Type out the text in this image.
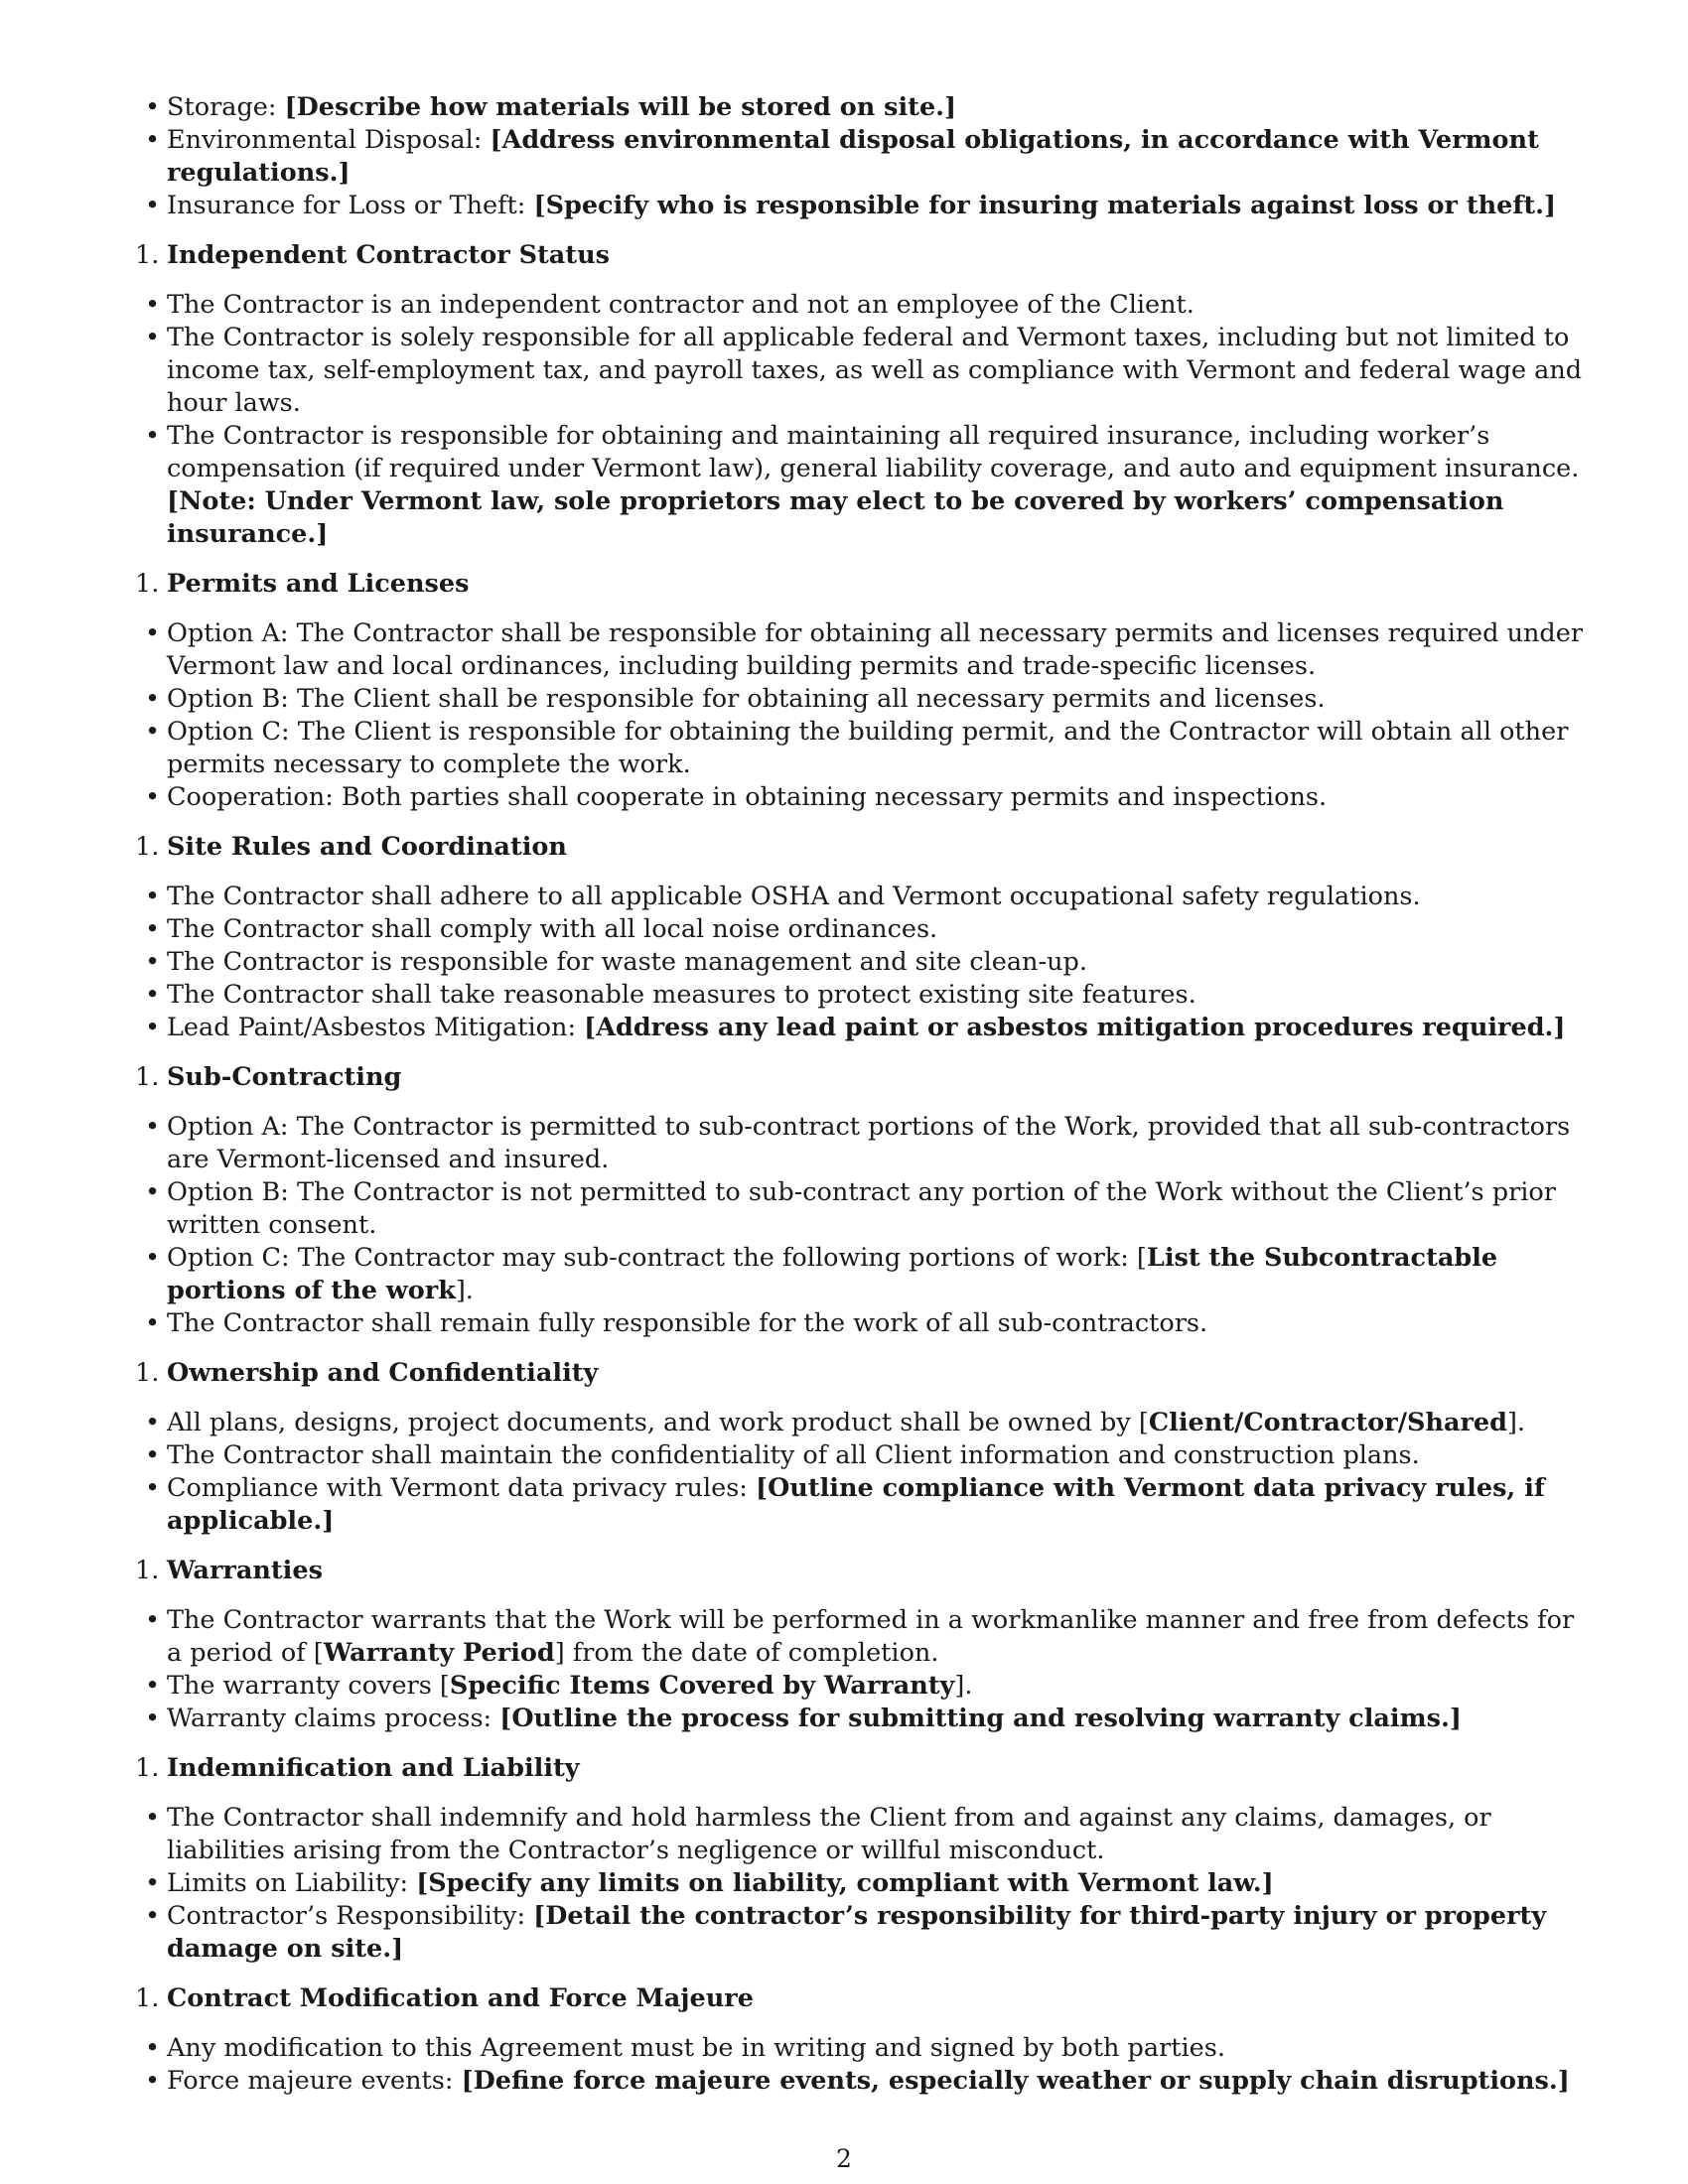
• Storage: [Describe how materials will be stored on site.]
• Environmental Disposal: [Address environmental disposal obligations, in accordance with Vermont regulations.]
• Insurance for Loss or Theft: [Specify who is responsible for insuring materials against loss or theft.]
1. Independent Contractor Status
• The Contractor is an independent contractor and not an employee of the Client.
• The Contractor is solely responsible for all applicable federal and Vermont taxes, including but not limited to income tax, self-employment tax, and payroll taxes, as well as compliance with Vermont and federal wage and hour laws.
• The Contractor is responsible for obtaining and maintaining all required insurance, including worker’s compensation (if required under Vermont law), general liability coverage, and auto and equipment insurance. [Note: Under Vermont law, sole proprietors may elect to be covered by workers’ compensation insurance.]
1. Permits and Licenses
• Option A: The Contractor shall be responsible for obtaining all necessary permits and licenses required under Vermont law and local ordinances, including building permits and trade-specific licenses.
• Option B: The Client shall be responsible for obtaining all necessary permits and licenses.
• Option C: The Client is responsible for obtaining the building permit, and the Contractor will obtain all other permits necessary to complete the work.
• Cooperation: Both parties shall cooperate in obtaining necessary permits and inspections.
1. Site Rules and Coordination
• The Contractor shall adhere to all applicable OSHA and Vermont occupational safety regulations.
• The Contractor shall comply with all local noise ordinances.
• The Contractor is responsible for waste management and site clean-up.
• The Contractor shall take reasonable measures to protect existing site features.
• Lead Paint/Asbestos Mitigation: [Address any lead paint or asbestos mitigation procedures required.]
1. Sub-Contracting
• Option A: The Contractor is permitted to sub-contract portions of the Work, provided that all sub-contractors are Vermont-licensed and insured.
• Option B: The Contractor is not permitted to sub-contract any portion of the Work without the Client’s prior written consent.
• Option C: The Contractor may sub-contract the following portions of work: [List the Subcontractable portions of the work].
• The Contractor shall remain fully responsible for the work of all sub-contractors.
1. Ownership and Confidentiality
• All plans, designs, project documents, and work product shall be owned by [Client/Contractor/Shared].
• The Contractor shall maintain the confidentiality of all Client information and construction plans.
• Compliance with Vermont data privacy rules: [Outline compliance with Vermont data privacy rules, if applicable.]
1. Warranties
• The Contractor warrants that the Work will be performed in a workmanlike manner and free from defects for a period of [Warranty Period] from the date of completion.
• The warranty covers [Specific Items Covered by Warranty].
• Warranty claims process: [Outline the process for submitting and resolving warranty claims.]
1. Indemnification and Liability
• The Contractor shall indemnify and hold harmless the Client from and against any claims, damages, or liabilities arising from the Contractor’s negligence or willful misconduct.
• Limits on Liability: [Specify any limits on liability, compliant with Vermont law.]
• Contractor’s Responsibility: [Detail the contractor’s responsibility for third-party injury or property damage on site.]
1. Contract Modification and Force Majeure
• Any modification to this Agreement must be in writing and signed by both parties.
• Force majeure events: [Define force majeure events, especially weather or supply chain disruptions.]
2
